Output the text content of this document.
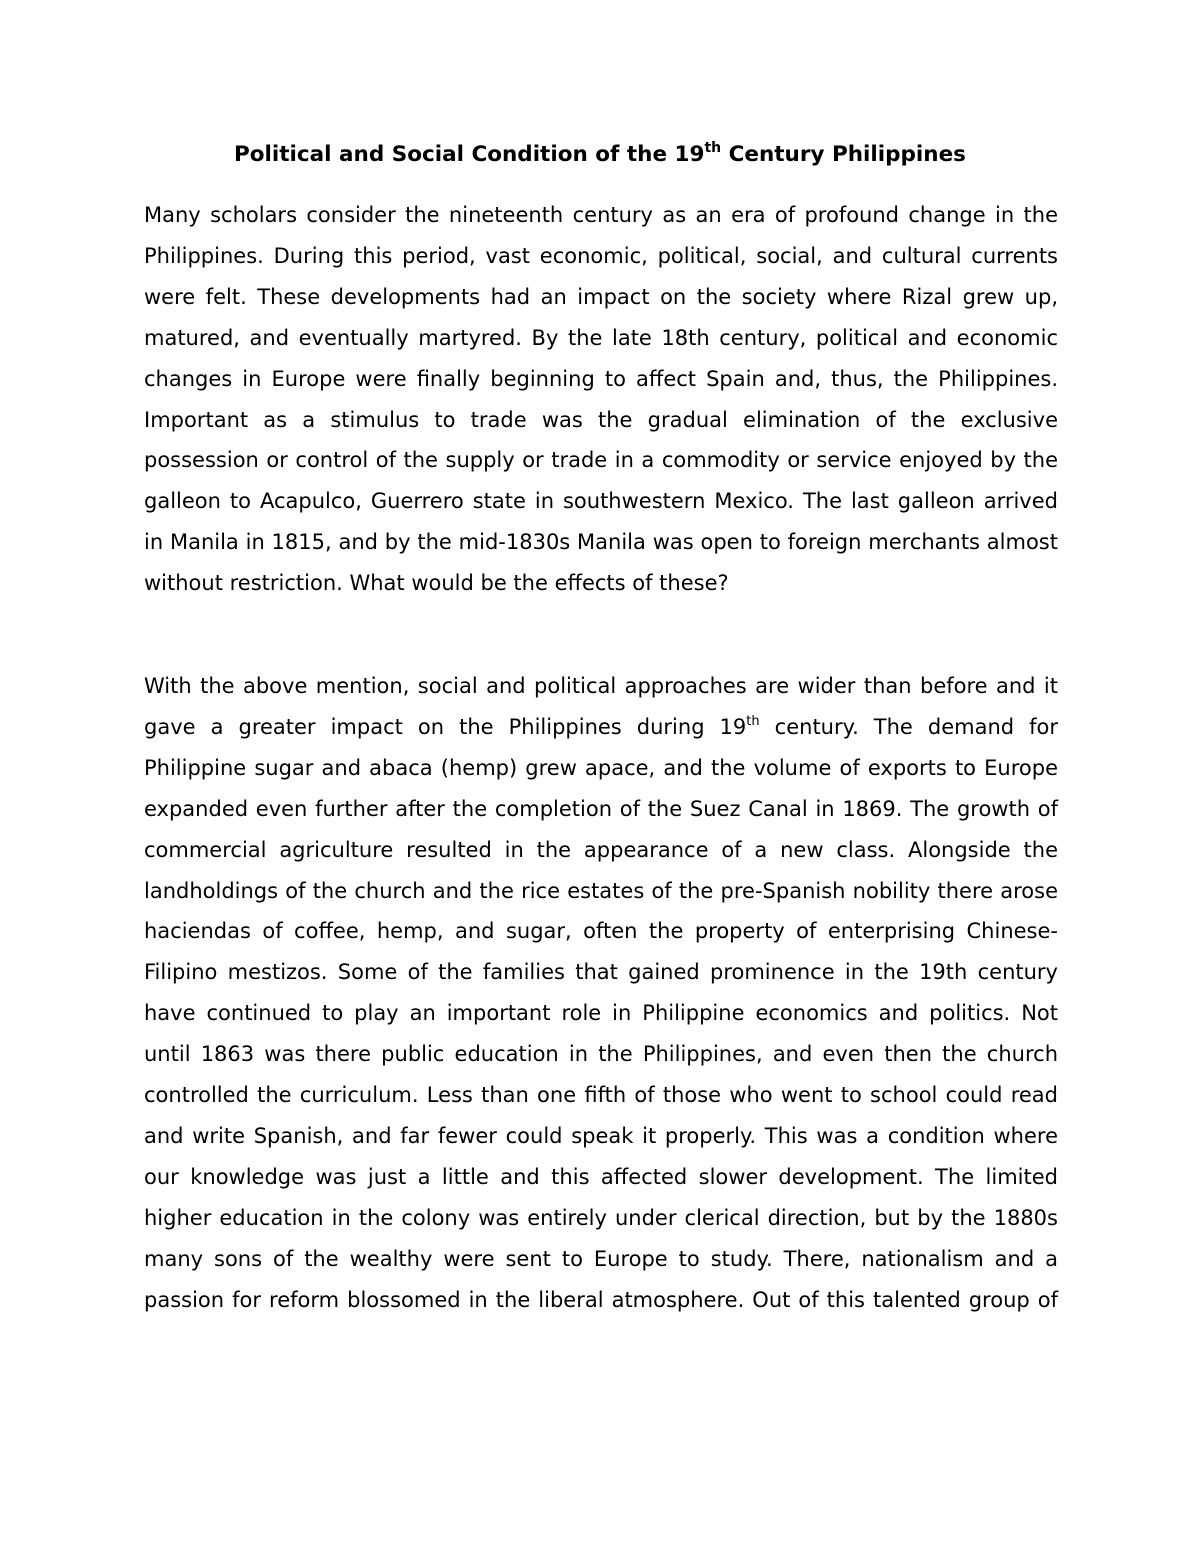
Political and Social Condition of the 19th Century Philippines

Many scholars consider the nineteenth century as an era of profound change in the Philippines. During this period, vast economic, political, social, and cultural currents were felt. These developments had an impact on the society where Rizal grew up, matured, and eventually martyred. By the late 18th century, political and economic changes in Europe were finally beginning to affect Spain and, thus, the Philippines. Important as a stimulus to trade was the gradual elimination of the exclusive possession or control of the supply or trade in a commodity or service enjoyed by the galleon to Acapulco, Guerrero state in southwestern Mexico. The last galleon arrived in Manila in 1815, and by the mid-1830s Manila was open to foreign merchants almost without restriction. What would be the effects of these?

With the above mention, social and political approaches are wider than before and it gave a greater impact on the Philippines during 19th century. The demand for Philippine sugar and abaca (hemp) grew apace, and the volume of exports to Europe expanded even further after the completion of the Suez Canal in 1869. The growth of commercial agriculture resulted in the appearance of a new class. Alongside the landholdings of the church and the rice estates of the pre-Spanish nobility there arose haciendas of coffee, hemp, and sugar, often the property of enterprising Chinese-Filipino mestizos. Some of the families that gained prominence in the 19th century have continued to play an important role in Philippine economics and politics. Not until 1863 was there public education in the Philippines, and even then the church controlled the curriculum. Less than one fifth of those who went to school could read and write Spanish, and far fewer could speak it properly. This was a condition where our knowledge was just a little and this affected slower development. The limited higher education in the colony was entirely under clerical direction, but by the 1880s many sons of the wealthy were sent to Europe to study. There, nationalism and a passion for reform blossomed in the liberal atmosphere. Out of this talented group of
